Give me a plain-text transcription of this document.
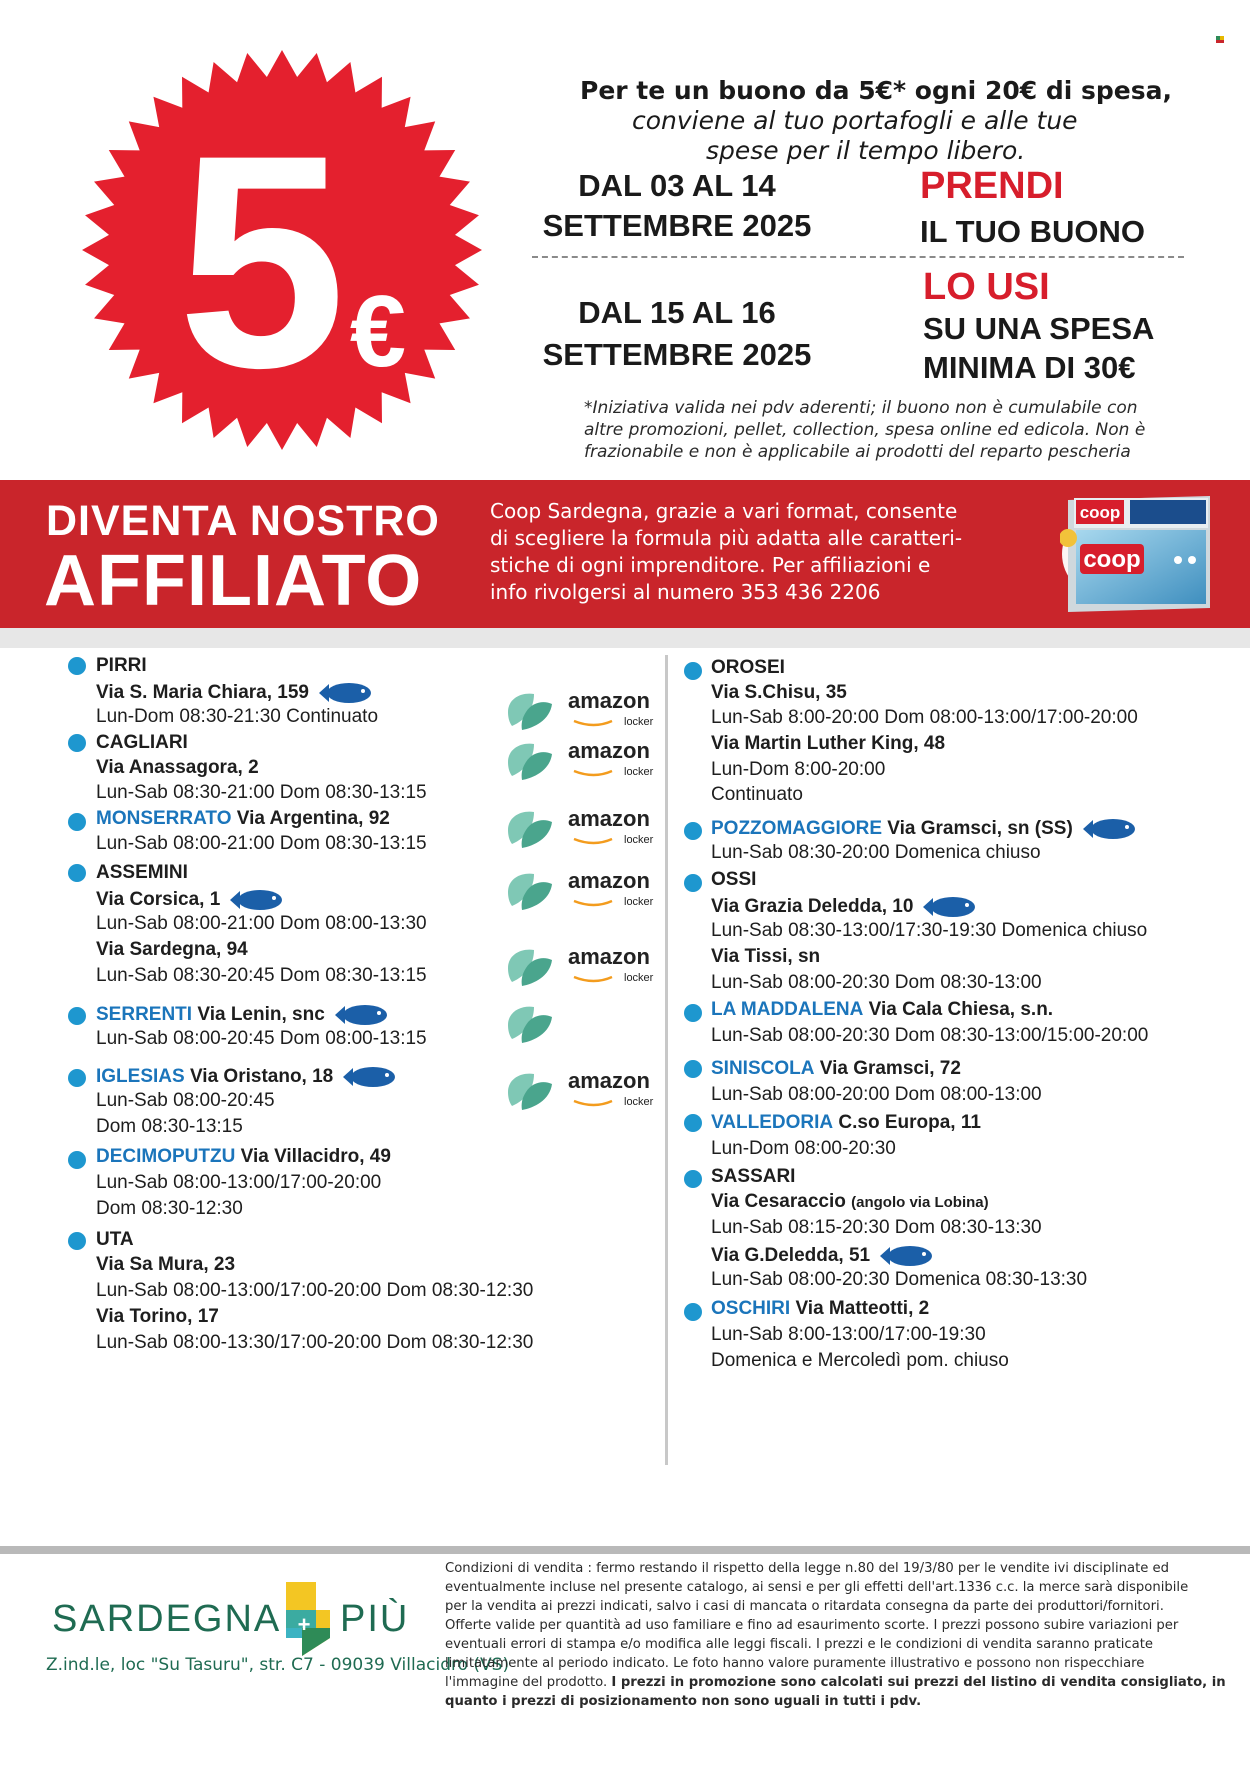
5 €
Per te un buono da 5€* ogni 20€ di spesa,
conviene al tuo portafogli e alle tue
spese per il tempo libero.
DAL 03 AL 14
SETTEMBRE 2025
PRENDI
IL TUO BUONO
DAL 15 AL 16
SETTEMBRE 2025
LO USI
SU UNA SPESA
MINIMA DI 30€
*Iniziativa valida nei pdv aderenti; il buono non è cumulabile con
altre promozioni, pellet, collection, spesa online ed edicola. Non è
frazionabile e non è applicabile ai prodotti del reparto pescheria
DIVENTA NOSTRO
AFFILIATO
Coop Sardegna, grazie a vari format, consente
di scegliere la formula più adatta alle caratteri-
stiche di ogni imprenditore. Per affiliazioni e
info rivolgersi al numero 353 436 2206
coop
coop
PIRRI
Via S. Maria Chiara, 159
Lun-Dom 08:30-21:30 Continuato
CAGLIARI
Via Anassagora, 2
Lun-Sab 08:30-21:00 Dom 08:30-13:15
MONSERRATO Via Argentina, 92
Lun-Sab 08:00-21:00 Dom 08:30-13:15
ASSEMINI
Via Corsica, 1
Lun-Sab 08:00-21:00 Dom 08:00-13:30
Via Sardegna, 94
Lun-Sab 08:30-20:45 Dom 08:30-13:15
SERRENTI Via Lenin, snc
Lun-Sab 08:00-20:45 Dom 08:00-13:15
IGLESIAS Via Oristano, 18
Lun-Sab 08:00-20:45
Dom 08:30-13:15
DECIMOPUTZU Via Villacidro, 49
Lun-Sab 08:00-13:00/17:00-20:00
Dom 08:30-12:30
UTA
Via Sa Mura, 23
Lun-Sab 08:00-13:00/17:00-20:00 Dom 08:30-12:30
Via Torino, 17
Lun-Sab 08:00-13:30/17:00-20:00 Dom 08:30-12:30
amazon
locker
amazon
locker
amazon
locker
amazon
locker
amazon
locker
amazon
locker
OROSEI
Via S.Chisu, 35
Lun-Sab 8:00-20:00 Dom 08:00-13:00/17:00-20:00
Via Martin Luther King, 48
Lun-Dom 8:00-20:00
Continuato
POZZOMAGGIORE Via Gramsci, sn (SS)
Lun-Sab 08:30-20:00 Domenica chiuso
OSSI
Via Grazia Deledda, 10
Lun-Sab 08:30-13:00/17:30-19:30 Domenica chiuso
Via Tissi, sn
Lun-Sab 08:00-20:30 Dom 08:30-13:00
LA MADDALENA Via Cala Chiesa, s.n.
Lun-Sab 08:00-20:30 Dom 08:30-13:00/15:00-20:00
SINISCOLA Via Gramsci, 72
Lun-Sab 08:00-20:00 Dom 08:00-13:00
VALLEDORIA C.so Europa, 11
Lun-Dom 08:00-20:30
SASSARI
Via Cesaraccio (angolo via Lobina)
Lun-Sab 08:15-20:30 Dom 08:30-13:30
Via G.Deledda, 51
Lun-Sab 08:00-20:30 Domenica 08:30-13:30
OSCHIRI Via Matteotti, 2
Lun-Sab 8:00-13:00/17:00-19:30
Domenica e Mercoledì pom. chiuso
SARDEGNA + PIÙ
Z.ind.le, loc "Su Tasuru", str. C7 - 09039 Villacidro (VS)
Condizioni di vendita : fermo restando il rispetto della legge n.80 del 19/3/80 per le vendite ivi disciplinate ed
eventualmente incluse nel presente catalogo, ai sensi e per gli effetti dell'art.1336 c.c. la merce sarà disponibile
per la vendita ai prezzi indicati, salvo i casi di mancata o ritardata consegna da parte dei produttori/fornitori.
Offerte valide per quantità ad uso familiare e fino ad esaurimento scorte. I prezzi possono subire variazioni per
eventuali errori di stampa e/o modifica alle leggi fiscali. I prezzi e le condizioni di vendita saranno praticate
limitatamente al periodo indicato. Le foto hanno valore puramente illustrativo e possono non rispecchiare
l'immagine del prodotto. I prezzi in promozione sono calcolati sui prezzi del listino di vendita consigliato, in
quanto i prezzi di posizionamento non sono uguali in tutti i pdv.
